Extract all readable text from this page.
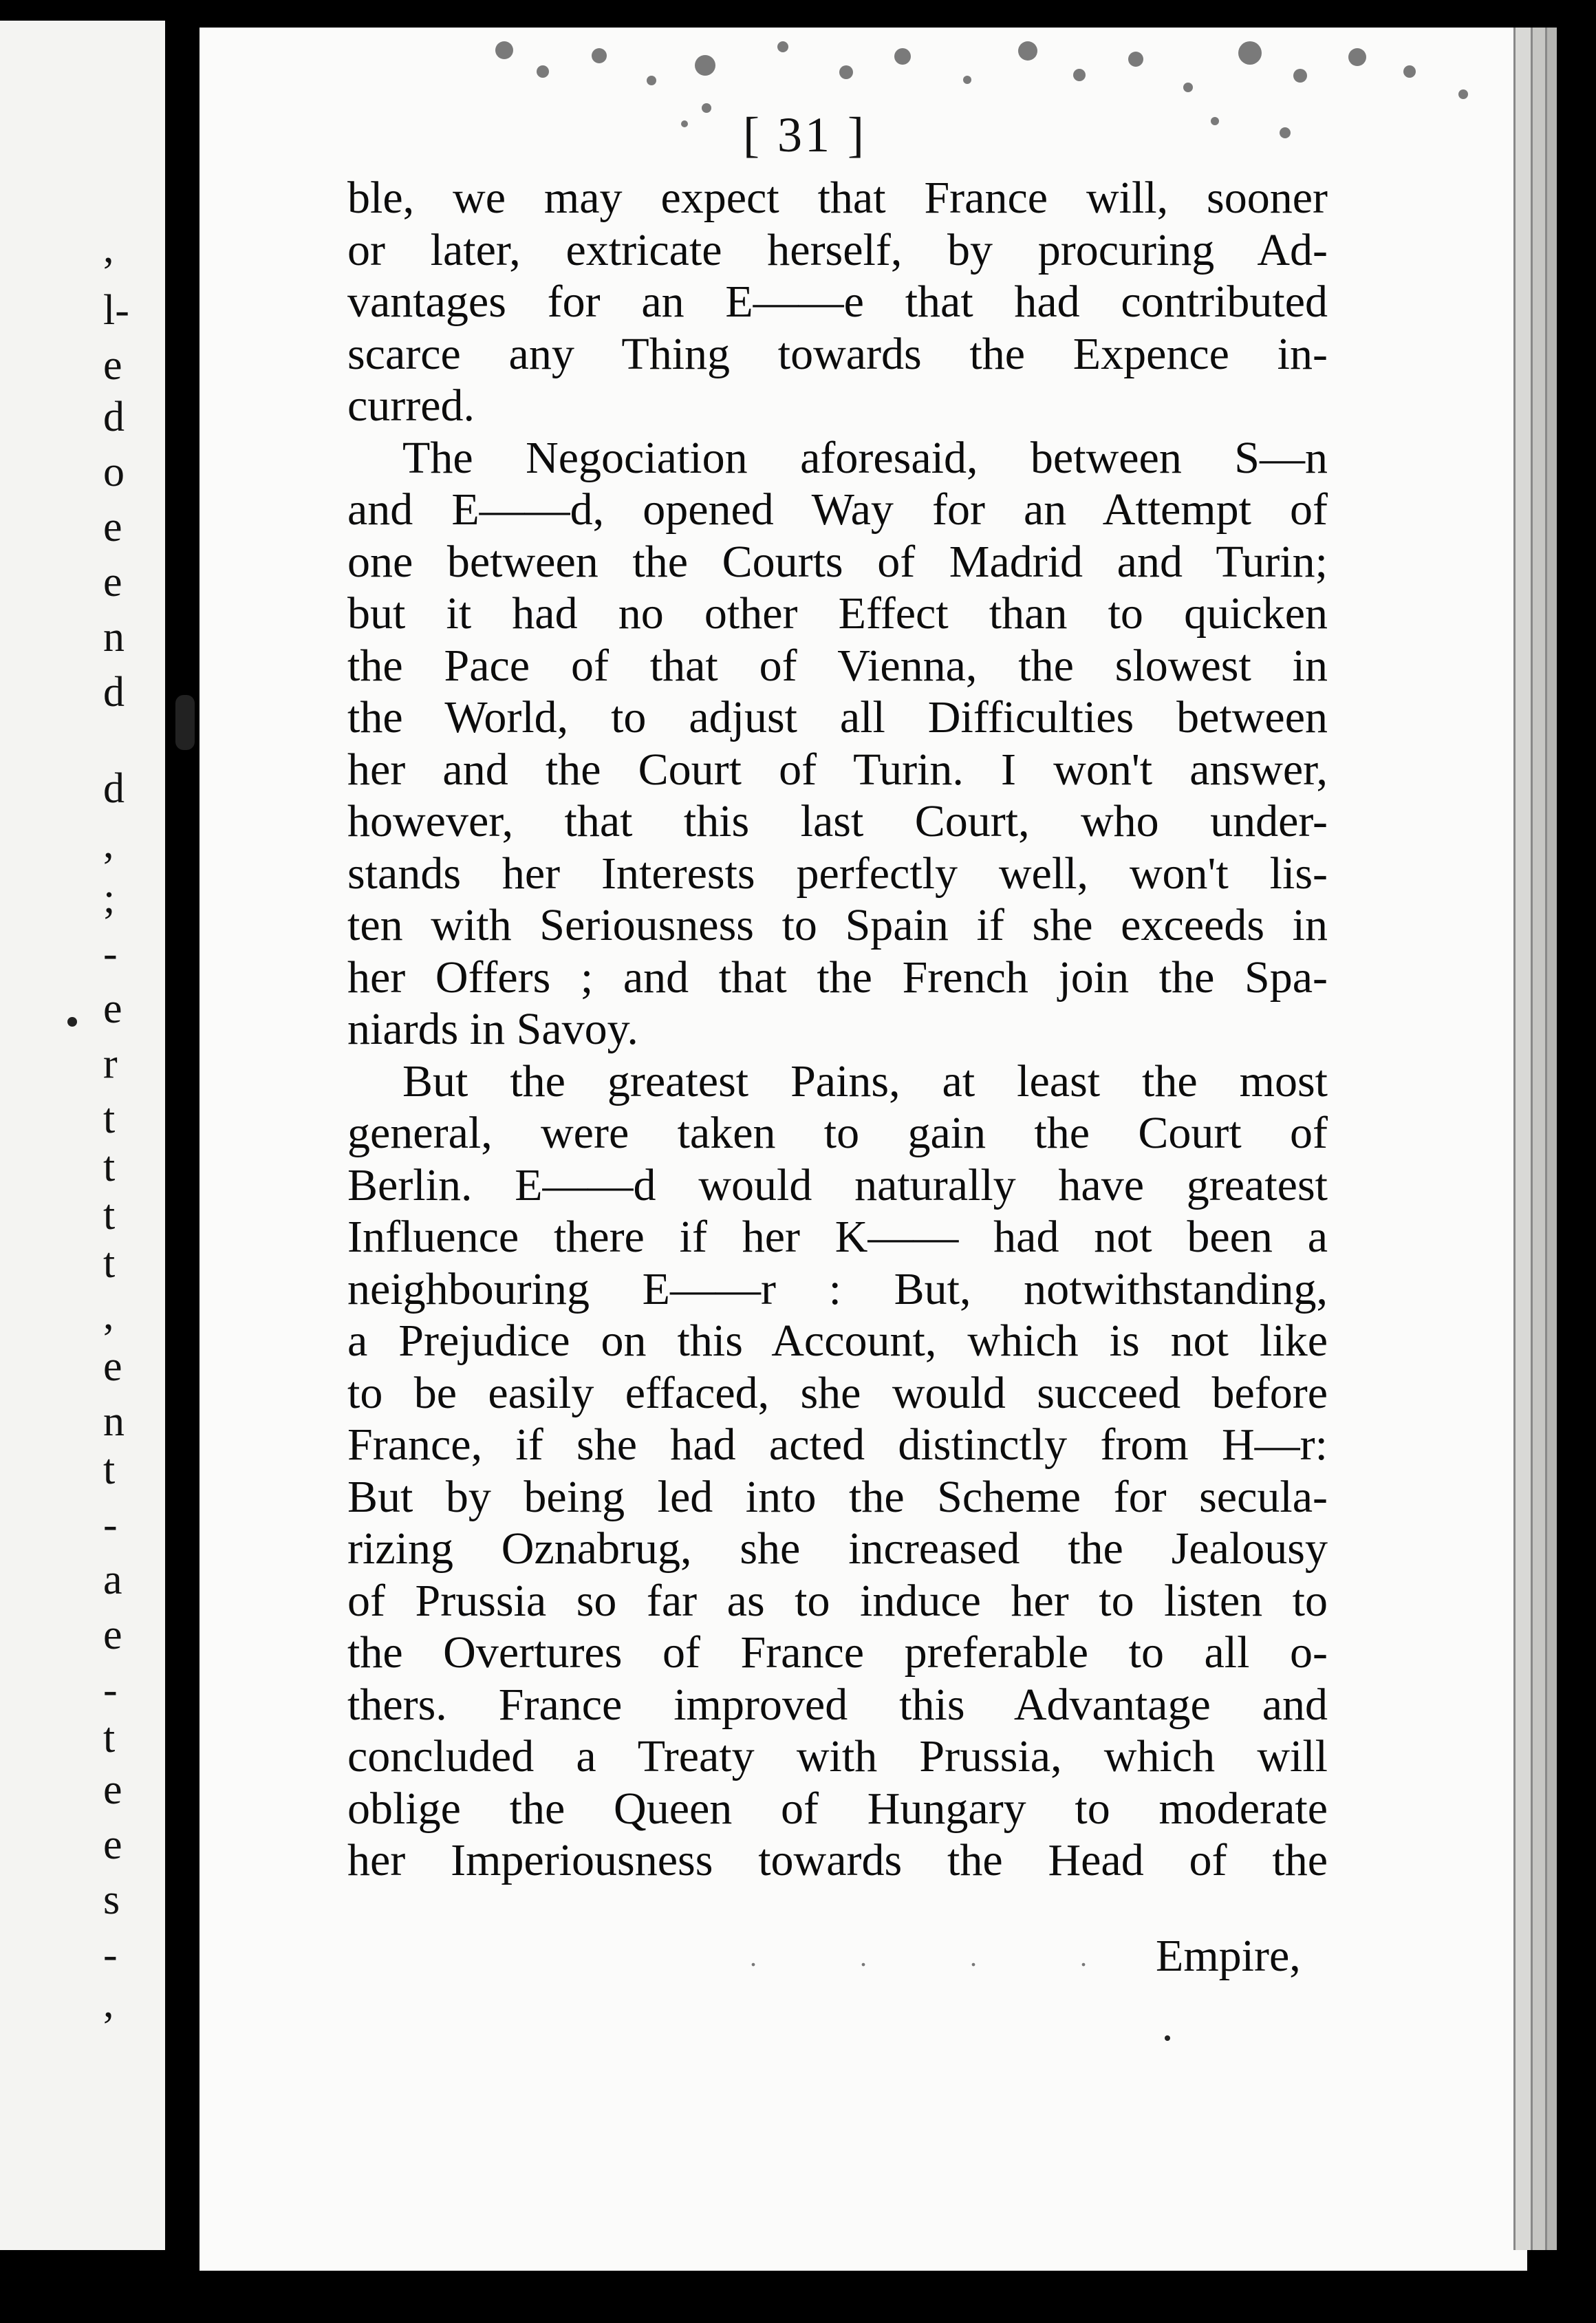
,
l-
e
d
o
e
e
n
d
d
,
;
-
e
r
t
t
t
t
,
e
n
t
-
a
e
-
t
e
e
s
-
,
[ 31 ]
ble, we may expect that France will, sooner
or later, extricate herself, by procuring Ad-
vantages for an E——e that had contributed
scarce any Thing towards the Expence in-
curred.
The Negociation aforesaid, between S—n
and E——d, opened Way for an Attempt of
one between the Courts of Madrid and Turin;
but it had no other Effect than to quicken
the Pace of that of Vienna, the slowest in
the World, to adjust all Difficulties between
her and the Court of Turin. I won't answer,
however, that this last Court, who under-
stands her Interests perfectly well, won't lis-
ten with Seriousness to Spain if she exceeds in
her Offers ; and that the French join the Spa-
niards in Savoy.
But the greatest Pains, at least the most
general, were taken to gain the Court of
Berlin. E——d would naturally have greatest
Influence there if her K—— had not been a
neighbouring E——r : But, notwithstanding,
a Prejudice on this Account, which is not like
to be easily effaced, she would succeed before
France, if she had acted distinctly from H—r:
But by being led into the Scheme for secula-
rizing Oznabrug, she increased the Jealousy
of Prussia so far as to induce her to listen to
the Overtures of France preferable to all o-
thers. France improved this Advantage and
concluded a Treaty with Prussia, which will
oblige the Queen of Hungary to moderate
her Imperiousness towards the Head of the
. . . . Empire,
